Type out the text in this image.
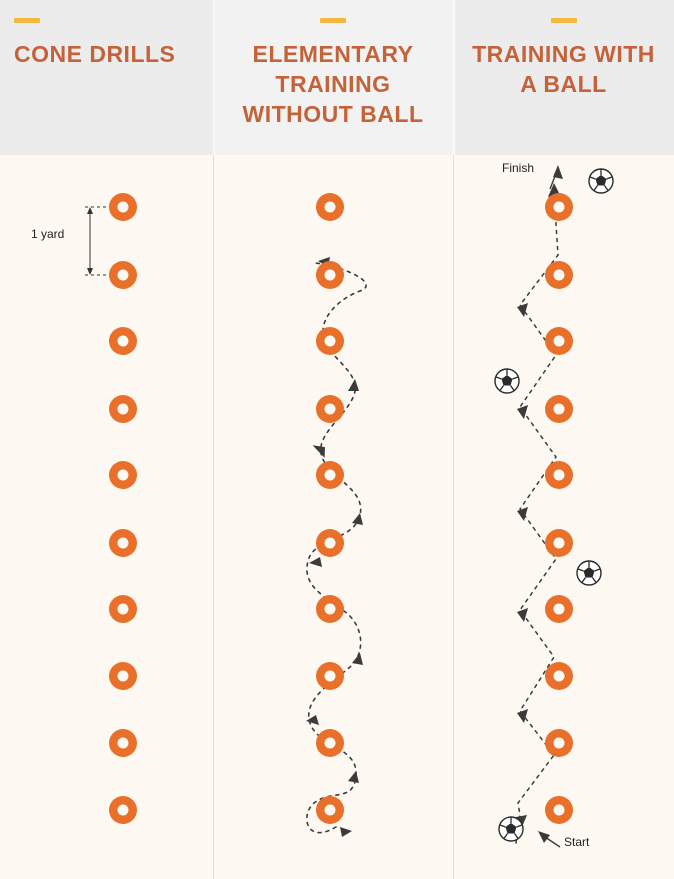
CONE DRILLS	ELEMENTARY TRAINING WITHOUT BALL
TRAINING WITH A BALL
1 yard
Finish
Start
